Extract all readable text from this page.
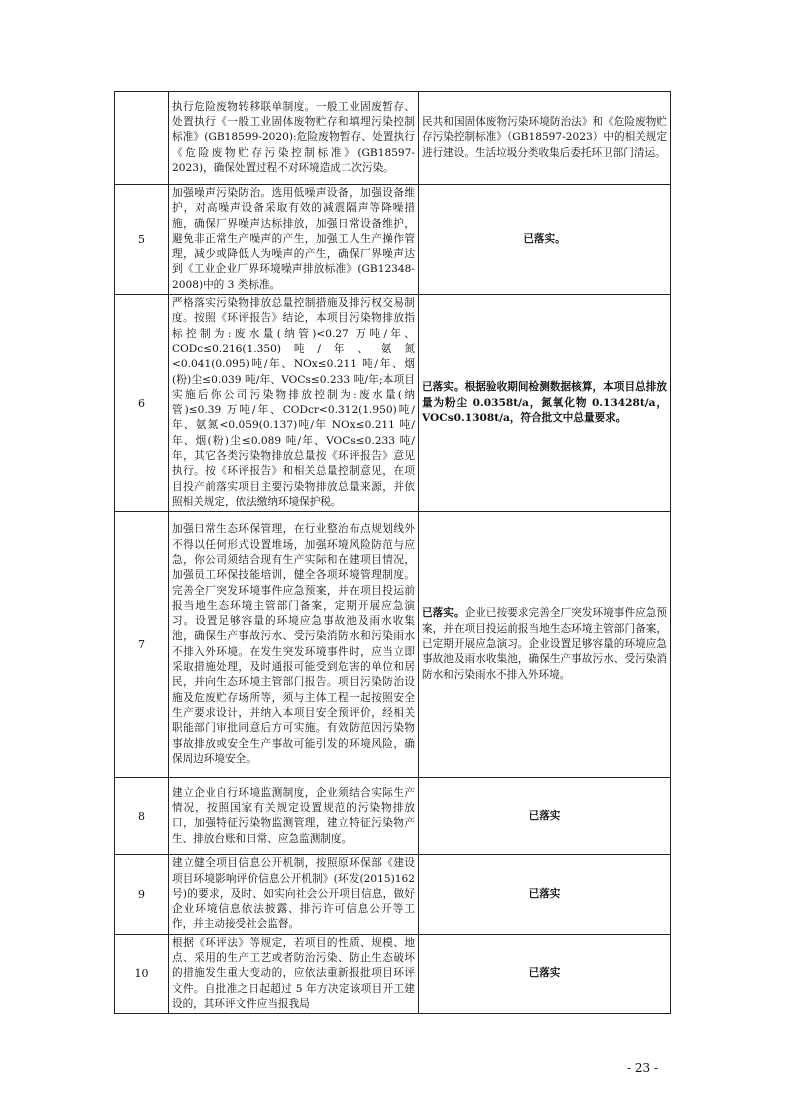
	执行危险废物转移联单制度。一般工业固废暂存、处置执行《一般工业固体废物贮存和填埋污染控制标准》(GB18599-2020):危险废物暂存、处置执行《危险废物贮存污染控制标准》(GB18597-2023)，确保处置过程不对环境造成二次污染。	民共和国固体废物污染环境防治法》和《危险废物贮存污染控制标准》（GB18597-2023）中的相关规定进行建设。生活垃圾分类收集后委托环卫部门清运。
5	加强噪声污染防治。选用低噪声设备，加强设备维护，对高噪声设备采取有效的减震隔声等降噪措施，确保厂界噪声达标排放，加强日常设备维护，避免非正常生产噪声的产生，加强工人生产操作管理，减少或降低人为噪声的产生，确保厂界噪声达到《工业企业厂界环境噪声排放标准》(GB12348-2008)中的 3 类标准。	已落实。
6	严格落实污染物排放总量控制措施及排污权交易制度。按照《环评报告》结论，本项目污染物排放指标控制为:废水量(纳管)<0.27 万吨/年、CODc≤0.216(1.350)吨/年、氨氮<0.041(0.095)吨/年、NOx≤0.211 吨/年、烟(粉)尘≤0.039 吨/年、VOCs≤0.233 吨/年;本项目实施后你公司污染物排放控制为:废水量(纳管)≤0.39 万吨/年、CODcr<0.312(1.950)吨/年、氨氮<0.059(0.137)吨/年 NOx≤0.211 吨/年、烟(粉)尘≤0.089 吨/年、VOCs≤0.233 吨/年，其它各类污染物排放总量按《环评报告》意见执行。按《环评报告》和相关总量控制意见，在项目投产前落实项目主要污染物排放总量来源，并依照相关规定，依法缴纳环境保护税。	已落实。根据验收期间检测数据核算，本项目总排放量为粉尘 0.0358t/a，氮氧化物 0.13428t/a，VOCs0.1308t/a，符合批文中总量要求。
7	加强日常生态环保管理，在行业整治布点规划线外不得以任何形式设置堆场，加强环境风险防范与应急，你公司须结合现有生产实际和在建项目情况，加强员工环保技能培训，健全各项环境管理制度。完善全厂突发环境事件应急预案，并在项目投运前报当地生态环境主管部门备案，定期开展应急演习。设置足够容量的环境应急事故池及雨水收集池，确保生产事故污水、受污染消防水和污染雨水不排入外环境。在发生突发环境事件时，应当立即采取措施处理，及时通报可能受到危害的单位和居民，并向生态环境主管部门报告。项目污染防治设施及危废贮存场所等，须与主体工程一起按照安全生产要求设计，并纳入本项目安全预评价，经相关职能部门审批同意后方可实施。有效防范因污染物事故排放或安全生产事故可能引发的环境风险，确保周边环境安全。	已落实。企业已按要求完善全厂突发环境事件应急预案，并在项目投运前报当地生态环境主管部门备案，已定期开展应急演习。企业设置足够容量的环境应急事故池及雨水收集池，确保生产事故污水、受污染消防水和污染雨水不排入外环境。
8	建立企业自行环境监测制度，企业须结合实际生产情况，按照国家有关规定设置规范的污染物排放口，加强特征污染物监测管理，建立特征污染物产生、排放台账和日常、应急监测制度。	已落实
9	建立健全项目信息公开机制，按照原环保部《建设项目环境影响评价信息公开机制》(环发(2015)162 号)的要求，及时、如实向社会公开项目信息，做好企业环境信息依法披露、排污许可信息公开等工作，并主动接受社会监督。	已落实
10	根据《环评法》等规定，若项目的性质、规模、地点、采用的生产工艺或者防治污染、防止生态破坏的措施发生重大变动的，应依法重新报批项目环评文件。自批准之日起超过 5 年方决定该项目开工建设的，其环评文件应当报我局	已落实
- 23 -
